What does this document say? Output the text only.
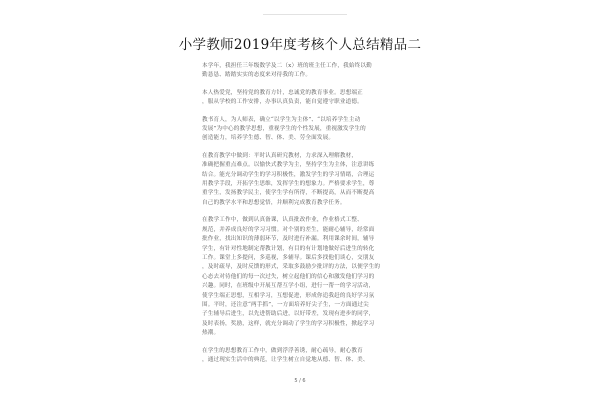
小学教师2019年度考核个人总结精品二

本学年，我担任三年级数学及二（x）班的班主任工作，我始终以勤
勤恳恳、踏踏实实的态度来对待我的工作。

本人热爱党，坚持党的教育方针，忠诚党的教育事业。思想端正
，服从学校的工作安排，办事认真负责，能自觉遵守职业道德。

教书育人，为人师表，确立“以学生为主体”、“以培养学生主动
发展”为中心的教学思想，重视学生的个性发展，重视激发学生的
创造能力，培养学生德、智、体、美、劳全面发展。

在教育教学中做到：平时认真研究教材，力求深入理解教材，
准确把握重点难点。以愉快式教学为主，坚持学生为主体，注意讲练
结合。能充分调动学生的学习积极性，激发学生的学习情绪，合理运
用教学手段，开拓学生思维，发挥学生的想象力。严格要求学生，尊
重学生，发扬教学民主，使学生学有所得，不断提高，从而不断提高
自己的教学水平和思想觉悟，并顺利完成教育教学任务。

在教学工作中，做到认真备课，认真批改作业，作业格式工整、
规范，并养成良好的学习习惯。对个别的差生，能耐心辅导，经常面
批作业，找出知识的薄弱环节，及时进行补漏。利用课余时间，辅导
学生，有针对性地制定帮教计划，有目的有计划地做好后进生的转化
工作。课堂上多提问，多巡视，多辅导。课后多找他们谈心，交朋友
，及时疏导，及时反馈的形式，采取多鼓励少批评的方法，以便学生的
心态去对待他们的每一次过失，树立起他们的信心和激发他们学习的
兴趣。同时，在班级中开展互帮互学小组，进行一帮一的学习活动，
使学生端正思想，互相学习，互想促进，形成你追我赶的良好学习氛
围。平时，还注意“两手抓”，一方面培养好尖子生，一方面通过尖
子生辅导后进生，以先进帮助后进，以好带差，发现有进步的同学，
及时表扬，奖励，这样，就充分调动了学生的学习积极性，掀起学习
热潮。

在学生的思想教育工作中，做到浮浮善诱，耐心疏导，耐心教育
，通过现实生活中的典范，让学生树立自觉地从德、智、体、美、

5 / 6
